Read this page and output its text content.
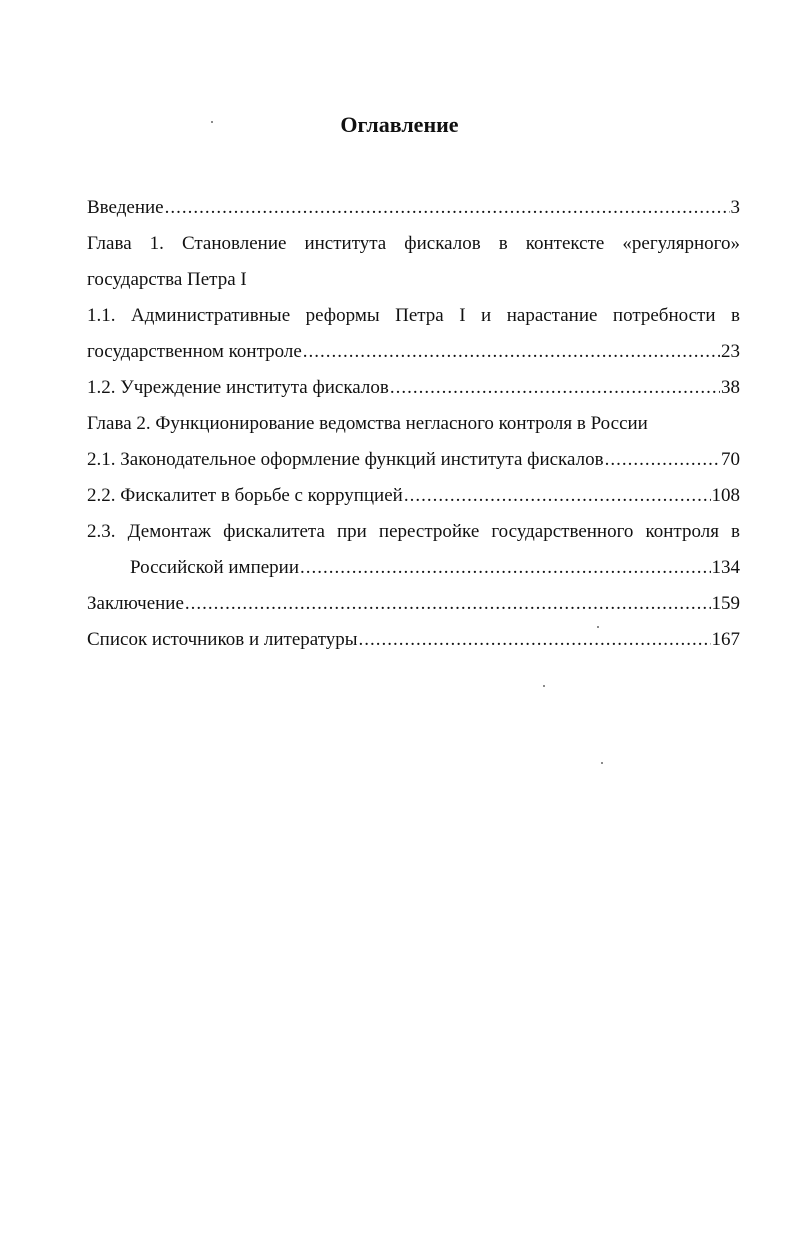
Оглавление
Введение .....	3
Глава 1. Становление института фискалов в контексте «регулярного»
государства Петра I
1.1. Административные реформы Петра I и нарастание потребности в
государственном контроле .....	23
1.2. Учреждение института фискалов .....	38
Глава 2. Функционирование ведомства негласного контроля в России
2.1. Законодательное оформление функций института фискалов .....	70
2.2. Фискалитет в борьбе с коррупцией .....	108
2.3. Демонтаж фискалитета при перестройке государственного контроля в
Российской империи .....	134
Заключение .....	159
Список источников и литературы .....	167
